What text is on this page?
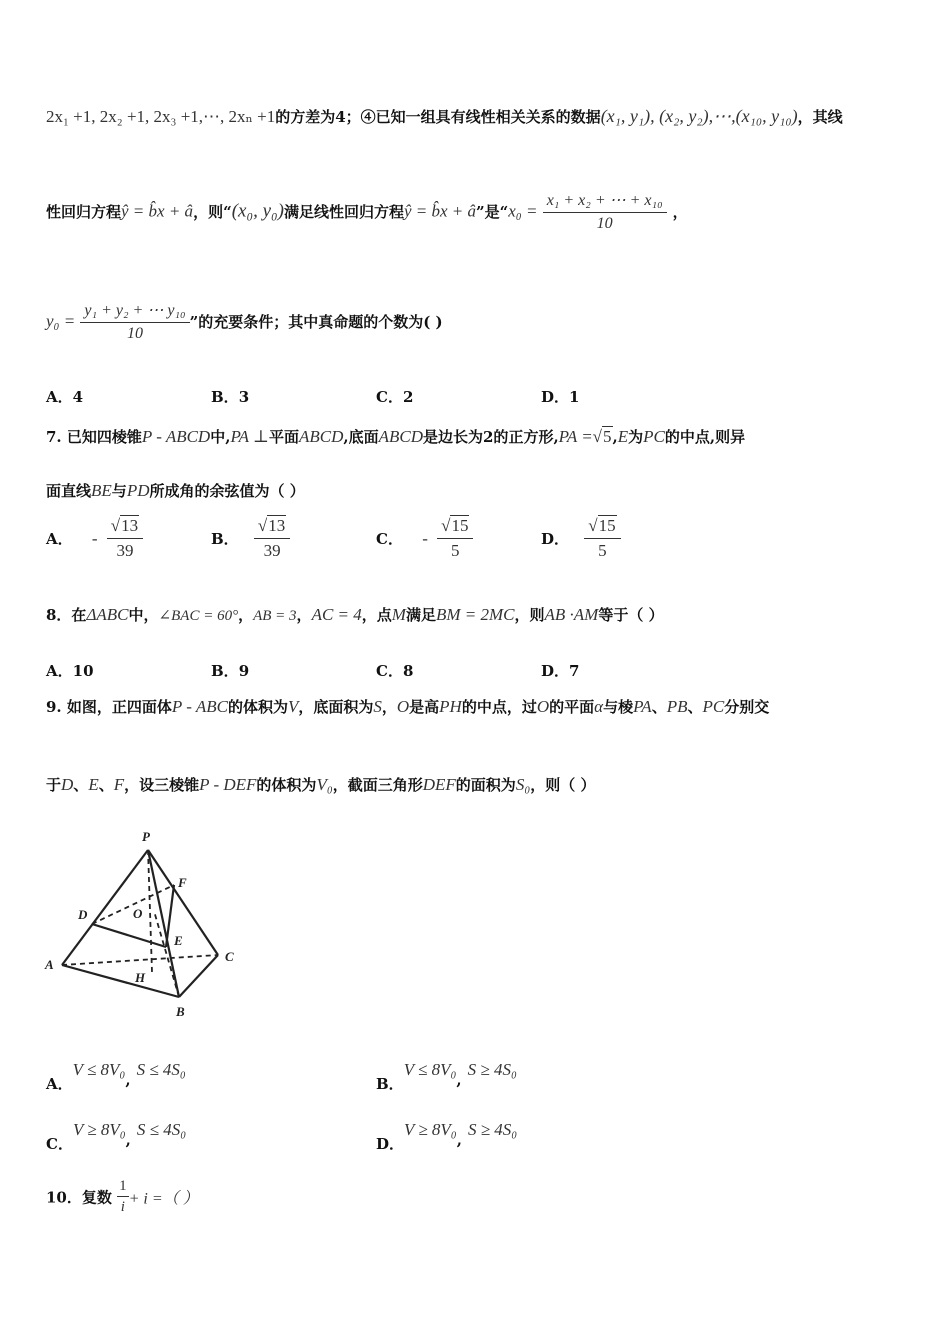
2x₁ +1, 2x₂ +1, 2x₃ +1,⋯, 2xₙ +1的方差为4；④已知一组具有线性相关关系的数据(x₁, y₁), (x₂, y₂),⋯,(x₁₀, y₁₀)，其线
性回归方程ŷ = b̂x + â，则“(x₀, y₀)满足线性回归方程ŷ = b̂x + â”是“$x_0 = \frac{\text{x₁ + x₂ + ⋯ + x₁₀}}{10}$ ，
$y_0 = \frac{\text{y₁ + y₂ + ⋯ y₁₀}}{10}$ ”的充要条件；其中真命题的个数为( )
A．4	B．3	C．2	D．1
7. 已知四棱锥P - ABCD中,PA ⊥平面ABCD,底面ABCD是边长为2的正方形,PA =√5,E为PC的中点,则异
面直线BE与PD所成角的余弦值为（ ）
A． - $\frac{√13}{39}$	B． $\frac{√13}{39}$	C． - $\frac{√15}{5}$	D． $\frac{√15}{5}$
8．在ΔABC中，∠BAC = 60°，AB = 3，AC = 4，点M满足BM = 2MC，则AB ·AM等于（ ）
A．10	B．9	C．8	D．7
9. 如图，正四面体P - ABC的体积为V，底面积为S，O是高PH的中点，过O的平面α与棱PA、PB、PC分别交
于D、E、F，设三棱锥P - DEF的体积为V₀，截面三角形DEF的面积为S₀，则（ ）
P
F
D	O
E
A
H
C
B
A．V ≤ 8V₀,S ≤ 4S₀
B．V ≤ 8V₀,S ≥ 4S₀
C．V ≥ 8V₀,S ≤ 4S₀
D．V ≥ 8V₀,S ≥ 4S₀
10．复数 $\frac{1}{i} + i$ =（ ）
